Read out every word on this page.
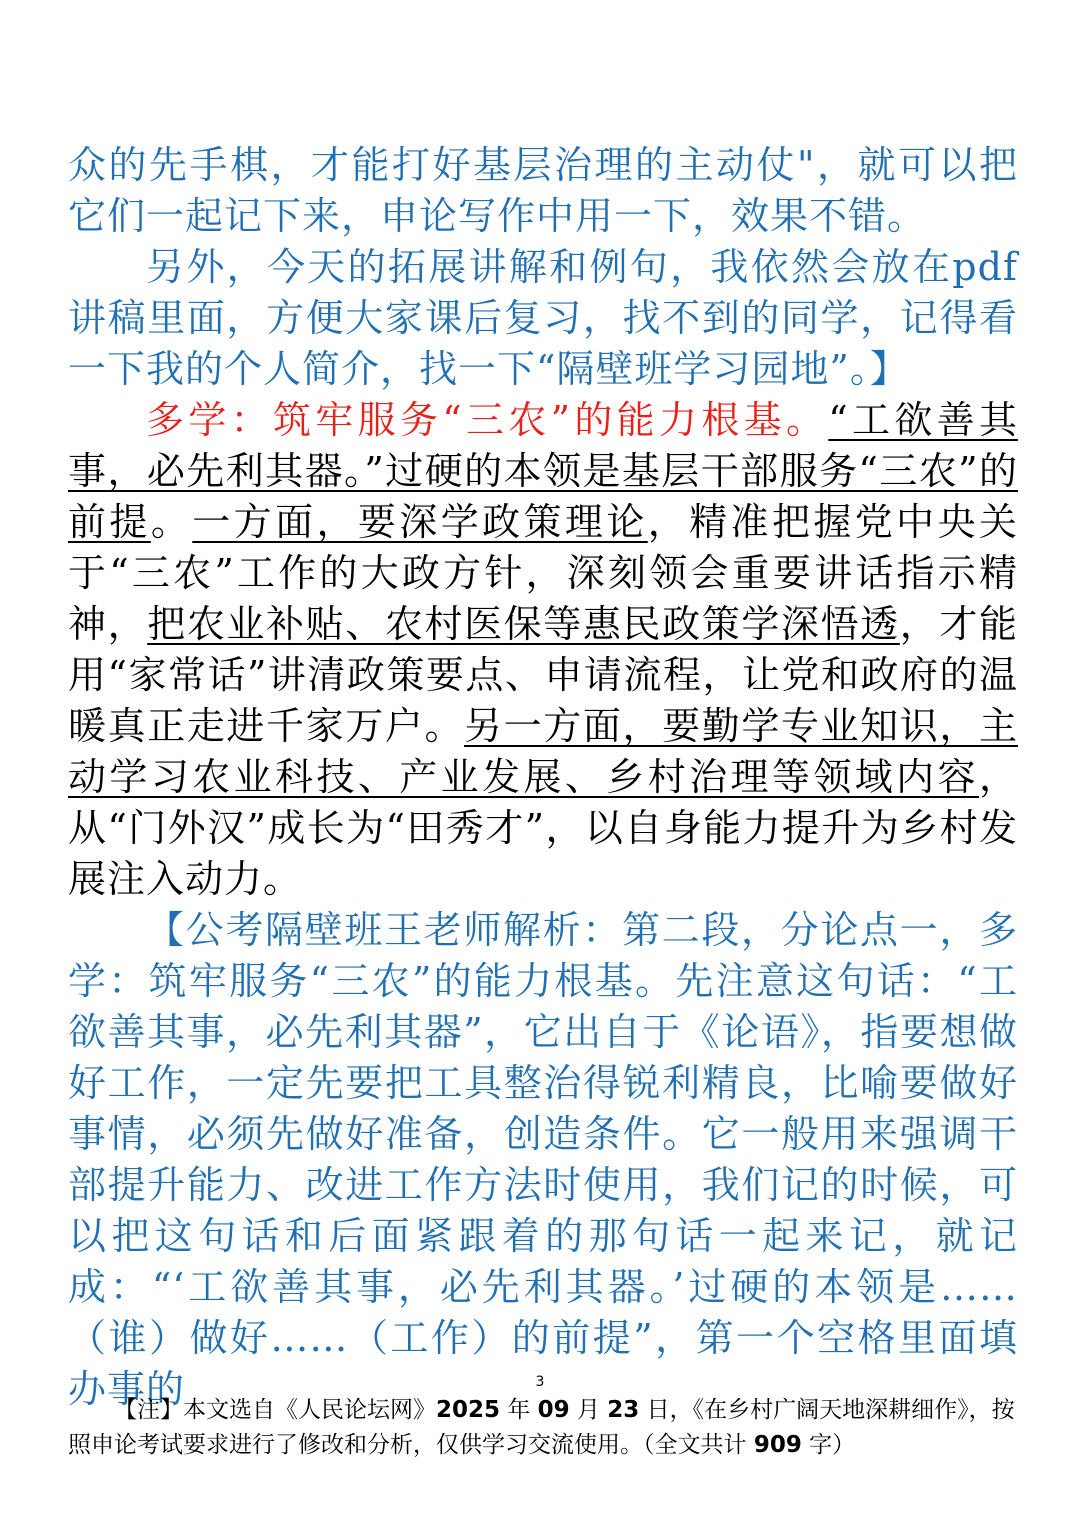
众的先手棋，才能打好基层治理的主动仗"，就可以把它们一起记下来，申论写作中用一下，效果不错。

另外，今天的拓展讲解和例句，我依然会放在pdf讲稿里面，方便大家课后复习，找不到的同学，记得看一下我的个人简介，找一下“隔壁班学习园地”。】

多学：筑牢服务“三农”的能力根基。“工欲善其事，必先利其器。”过硬的本领是基层干部服务“三农”的前提。一方面，要深学政策理论，精准把握党中央关于“三农”工作的大政方针，深刻领会重要讲话指示精神，把农业补贴、农村医保等惠民政策学深悟透，才能用“家常话”讲清政策要点、申请流程，让党和政府的温暖真正走进千家万户。另一方面，要勤学专业知识，主动学习农业科技、产业发展、乡村治理等领域内容，从“门外汉”成长为“田秀才”，以自身能力提升为乡村发展注入动力。

【公考隔壁班王老师解析：第二段，分论点一，多学：筑牢服务“三农”的能力根基。先注意这句话：“工欲善其事，必先利其器”，它出自于《论语》，指要想做好工作，一定先要把工具整治得锐利精良，比喻要做好事情，必须先做好准备，创造条件。它一般用来强调干部提升能力、改进工作方法时使用，我们记的时候，可以把这句话和后面紧跟着的那句话一起来记，就记成：“‘工欲善其事，必先利其器。’过硬的本领是……（谁）做好……（工作）的前提”，第一个空格里面填办事的	3
【注】本文选自《人民论坛网》2025 年 09 月 23 日，《在乡村广阔天地深耕细作》，按照申论考试要求进行了修改和分析，仅供学习交流使用。（全文共计 909 字）
